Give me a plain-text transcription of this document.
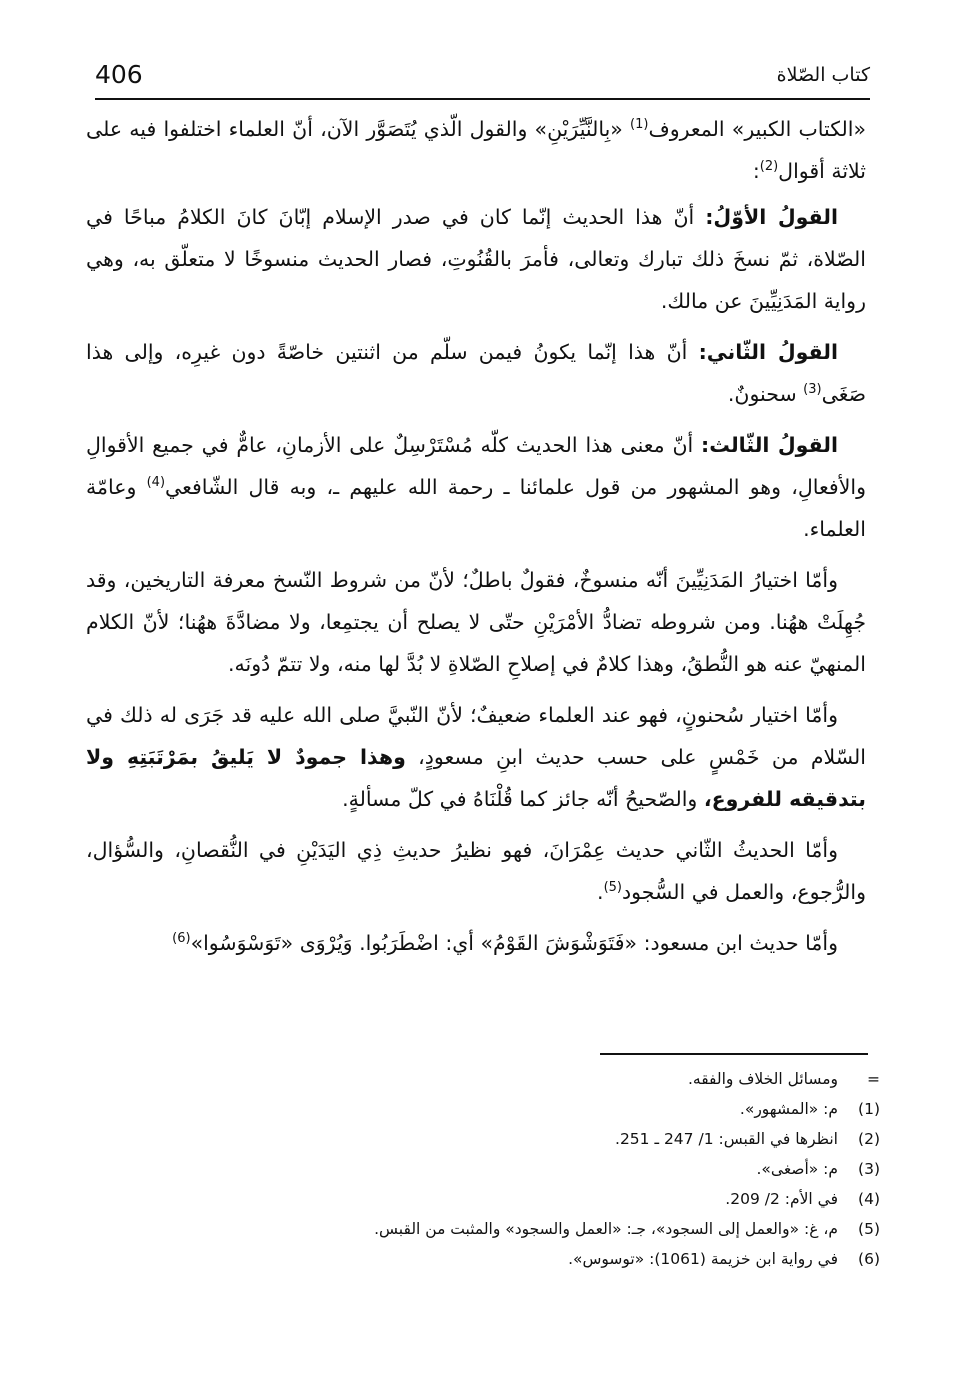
406	كتاب الصّلاة

«الكتاب الكبير» المعروف$^{(1)}$ «بِالنَّيِّرَيْنِ» والقول الّذي يُتَصَوَّر الآن، أنّ العلماء اختلفوا فيه على ثلاثة أقوال$^{(2)}$:

القولُ الأوّلُ: أنّ هذا الحديث إنّما كان في صدر الإسلام إبّانَ كانَ الكلامُ مباحًا في الصّلاة، ثمّ نسخَ ذلك تبارك وتعالى، فأمرَ بالقُنُوتِ، فصار الحديث منسوخًا لا متعلّق به، وهي رواية المَدَنِيِّينَ عن مالك.

القولُ الثّاني: أنّ هذا إنّما يكونُ فيمن سلّم من اثنتين خاصّةً دون غيرِه، وإلى هذا صَغَى$^{(3)}$ سحنونٌ.

القولُ الثّالث: أنّ معنى هذا الحديث كلّه مُسْتَرْسِلٌ على الأزمانِ، عامٌّ في جميع الأقوالِ والأفعالِ، وهو المشهور من قول علمائنا ـ رحمة الله عليهم ـ، وبه قال الشّافعي$^{(4)}$ وعامّة العلماء.

وأمّا اختيارُ المَدَنِيِّينَ أنّه منسوخٌ، فقولٌ باطلٌ؛ لأنّ من شروط النّسخ معرفة التاريخين، وقد جُهِلَتْ ههُنا. ومن شروطه تضادُّ الأمْرَيْنِ حتّى لا يصلح أن يجتمِعا، ولا مضادَّةَ ههُنا؛ لأنّ الكلام المنهيّ عنه هو النُّطقُ، وهذا كلامٌ في إصلاحِ الصّلاةِ لا بُدَّ لها منه، ولا تتمّ دُونَه.

وأمّا اختيار سُحنونٍ، فهو عند العلماء ضعيفٌ؛ لأنّ النّبيَّ صلى الله عليه قد جَرَى له ذلك في السّلام من خَمْسٍ على حسب حديث ابنِ مسعودٍ، وهذا جمودٌ لا يَليقُ بمَرْتَبَتِهِ ولا بتدقيقه للفروع، والصّحيحُ أنّه جائز كما قُلْنَاهُ في كلّ مسألةٍ.

وأمّا الحديثُ الثّاني حديث عِمْرَانَ، فهو نظيرُ حديثِ ذِي اليَدَيْنِ في النُّقصانِ، والسُّؤال، والرُّجوع، والعمل في السُّجود$^{(5)}$.

وأمّا حديث ابن مسعود: «فَتَوَشْوَشَ القَوْمُ» أي: اضْطَرَبُوا. وَيُرْوَى «تَوَسْوَسُوا»$^{(6)}$

=
ومسائل الخلاف والفقه.
(1)
م: «المشهور».
(2)
انظرها في القبس: 1/ 247 ـ 251.
(3)
م: «أصغى».
(4)
في الأم: 2/ 209.
(5)
م، غ: «والعمل إلى السجود»، جـ: «العمل والسجود» والمثبت من القبس.
(6)
في رواية ابن خزيمة (1061): «توسوس».
